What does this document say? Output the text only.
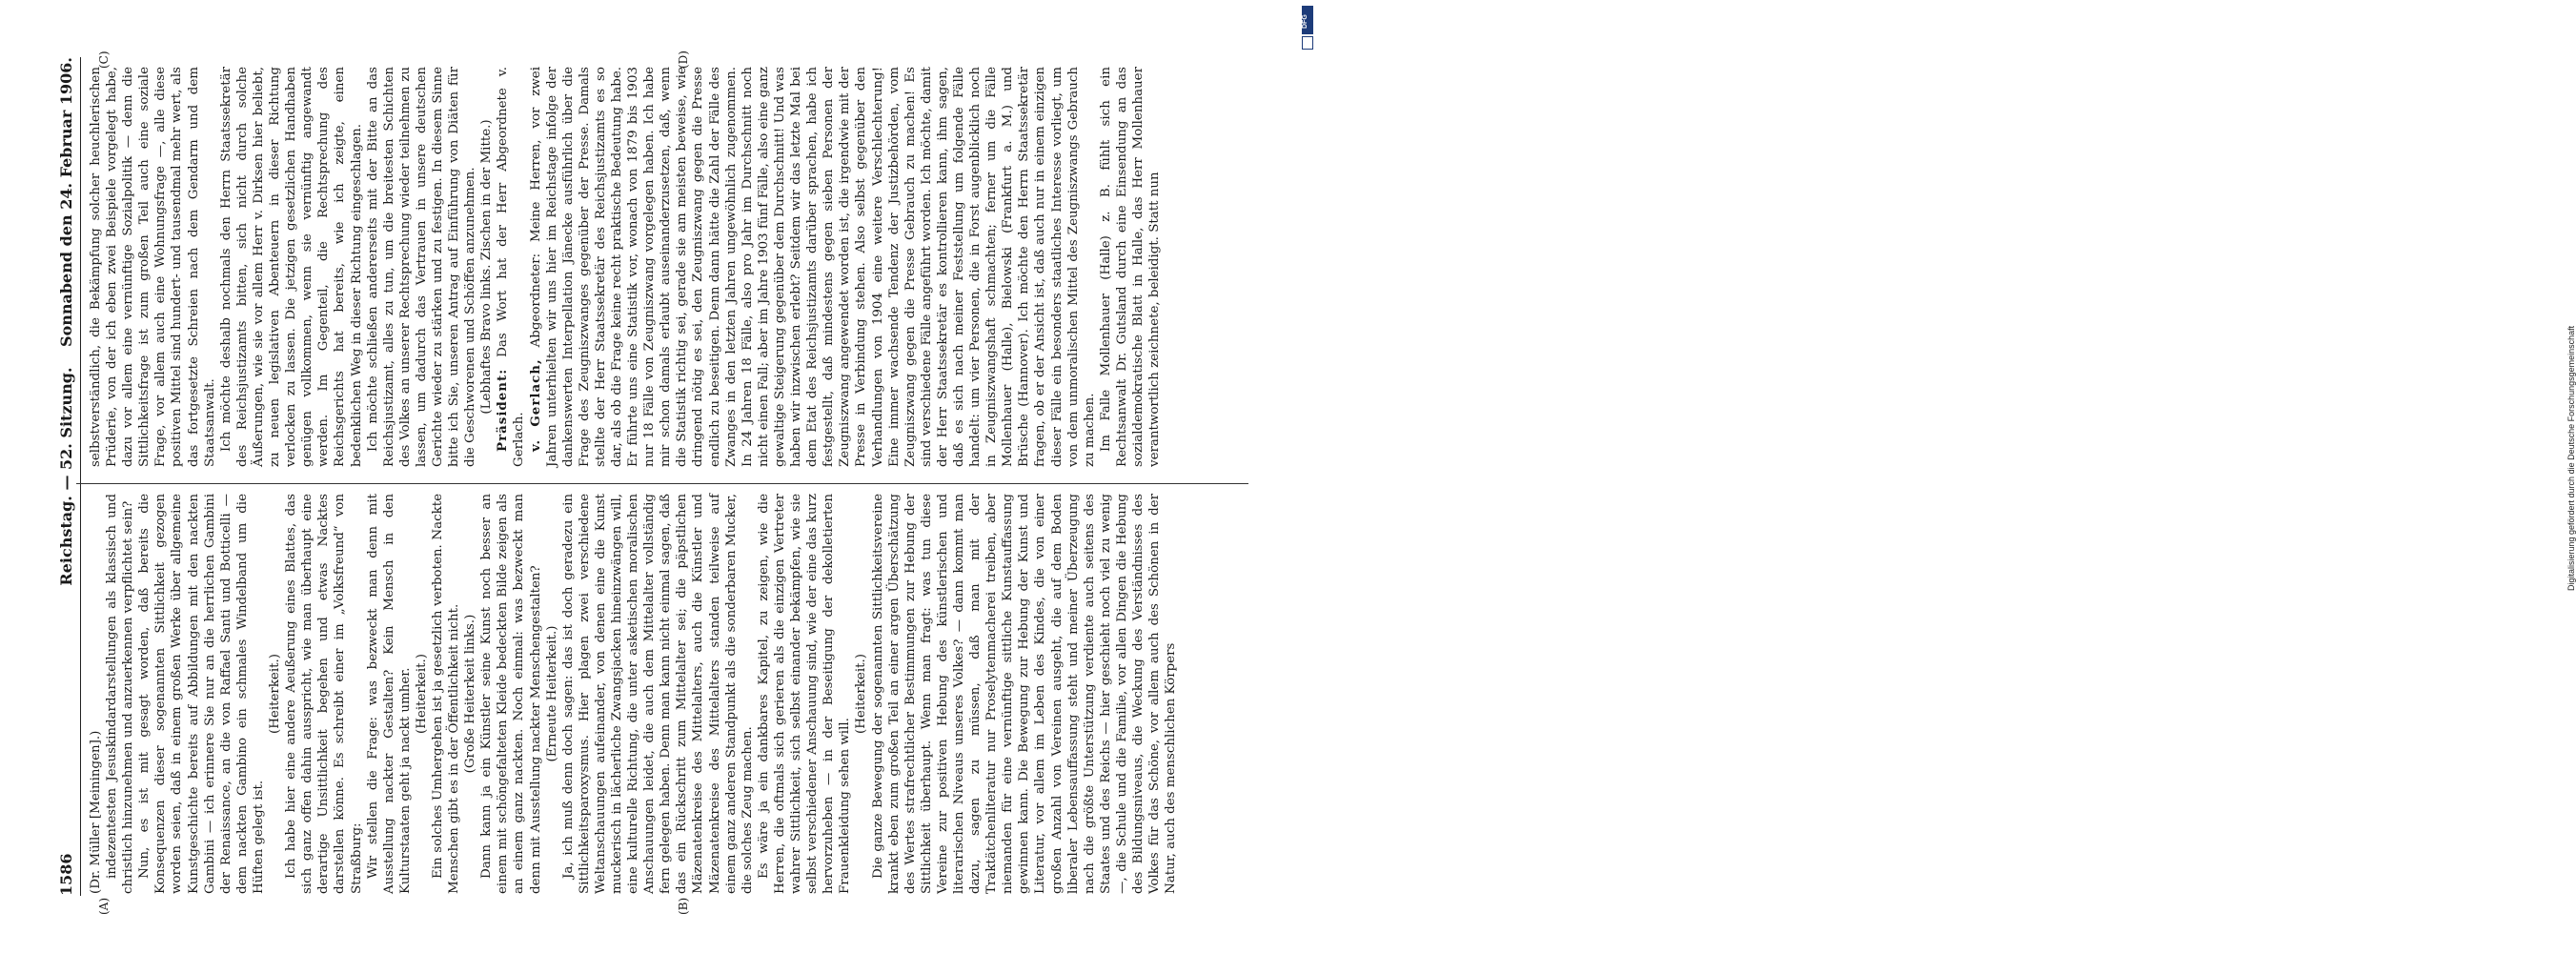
1586
Reichstag. — 52. Sitzung.
Sonnabend den 24. Februar 1906.
(A)	(B)
(C)	(D)

(Dr. Müller [Meiningen].) indezentesten Jesuskindardarstellungen als klassisch und christlich hinzunehmen und anzuerkennen verpflichtet sein? Nun, es ist mit gesagt worden, daß bereits die Konsequenzen dieser sogenannten Sittlichkeit gezogen worden seien, daß in einem großen Werke über allgemeine Kunstgeschichte bereits auf Abbildungen mit den nackten Gambini — ich erinnere Sie nur an die herrlichen Gambini der Renaissance, an die von Raffael Santi und Botticelli — dem nackten Gambino ein schmales Windelband um die Hüften gelegt ist.

(Heiterkeit.) Ich habe hier eine andere Aeußerung eines Blattes, das sich ganz offen dahin ausspricht, wie man überhaupt eine derartige Unsittlichkeit begehen und etwas Nacktes darstellen könne. Es schreibt einer im „Volksfreund“ von Straßburg: Wir stellen die Frage: was bezweckt man denn mit Ausstellung nackter Gestalten? Kein Mensch in den Kulturstaaten geht ja nackt umher. (Heiterkeit.) Ein solches Umhergehen ist ja gesetzlich verboten. Nackte Menschen gibt es in der Öffentlichkeit nicht. (Große Heiterkeit links.) Dann kann ja ein Künstler seine Kunst noch besser an einem mit schöngefalteten Kleide bedeckten Bilde zeigen als an einem ganz nackten. Noch einmal: was bezweckt man denn mit Ausstellung nackter Menschengestalten? (Erneute Heiterkeit.) Ja, ich muß denn doch sagen: das ist doch geradezu ein Sittlichkeitsparoxysmus. Hier plagen zwei verschiedene Weltanschauungen aufeinander, von denen eine die Kunst muckerisch in lächerliche Zwangsjacken hineinzwängen will, eine kulturelle Richtung, die unter asketischen moralischen Anschauungen leidet, die auch dem Mittelalter vollständig fern gelegen haben. Denn man kann nicht einmal sagen, daß das ein Rückschritt zum Mittelalter sei; die päpstlichen Mäzenatenkreise des Mittelalters, auch die Künstler und Mäzenatenkreise des Mittelalters standen teilweise auf einem ganz anderen Standpunkt als die sonderbaren Mucker, die solches Zeug machen. Es wäre ja ein dankbares Kapitel, zu zeigen, wie die Herren, die oftmals sich gerieren als die einzigen Vertreter wahrer Sittlichkeit, sich selbst einander bekämpfen, wie sie selbst verschiedener Anschauung sind, wie der eine das kurz hervorzuheben — in der Beseitigung der dekolletierten Frauenkleidung sehen will.

(Heiterkeit.) Die ganze Bewegung der sogenannten Sittlichkeitsvereine krankt eben zum großen Teil an einer argen Überschätzung des Wertes strafrechtlicher Bestimmungen zur Hebung der Sittlichkeit überhaupt. Wenn man fragt: was tun diese Vereine zur positiven Hebung des künstlerischen und literarischen Niveaus unseres Volkes? — dann kommt man dazu, sagen zu müssen, daß man mit der Traktätchenliteratur nur Proselytenmacherei treiben, aber niemanden für eine vernünftige sittliche Kunstauffassung gewinnen kann. Die Bewegung zur Hebung der Kunst und Literatur, vor allem im Leben des Kindes, die von einer großen Anzahl von Vereinen ausgeht, die auf dem Boden liberaler Lebensauffassung steht und meiner Überzeugung nach die größte Unterstützung verdiente auch seitens des Staates und des Reichs — hier geschieht noch viel zu wenig —, die Schule und die Familie, vor allen Dingen die Hebung des Bildungsniveaus, die Weckung des Verständnisses des Volkes für das Schöne, vor allem auch des Schönen in der Natur, auch des menschlichen Körpers

selbstverständlich, die Bekämpfung solcher heuchlerischen Prüderie, von der ich eben zwei Beispiele vorgelegt habe, dazu vor allem eine vernünftige Sozialpolitik — denn die Sittlichkeitsfrage ist zum großen Teil auch eine soziale Frage, vor allem auch eine Wohnungsfrage —, alle diese positiven Mittel sind hundert- und tausendmal mehr wert, als das fortgesetzte Schreien nach dem Gendarm und dem Staatsanwalt. Ich möchte deshalb nochmals den Herrn Staatssekretär des Reichsjustizamts bitten, sich nicht durch solche Äußerungen, wie sie vor allem Herr v. Dirksen hier beliebt, zu neuen legislativen Abenteuern in dieser Richtung verlocken zu lassen. Die jetzigen gesetzlichen Handhaben genügen vollkommen, wenn sie vernünftig angewandt werden. Im Gegenteil, die Rechtsprechung des Reichsgerichts hat bereits, wie ich zeigte, einen bedenklichen Weg in dieser Richtung eingeschlagen. Ich möchte schließen andererseits mit der Bitte an das Reichsjustizamt, alles zu tun, um die breitesten Schichten des Volkes an unserer Rechtsprechung wieder teilnehmen zu lassen, um dadurch das Vertrauen in unsere deutschen Gerichte wieder zu stärken und zu festigen. In diesem Sinne bitte ich Sie, unseren Antrag auf Einführung von Diäten für die Geschworenen und Schöffen anzunehmen. (Lebhaftes Bravo links. Zischen in der Mitte.) Präsident: Das Wort hat der Herr Abgeordnete v. Gerlach. v. Gerlach, Abgeordneter: Meine Herren, vor zwei Jahren unterhielten wir uns hier im Reichstage infolge der dankenswerten Interpellation Jänecke ausführlich über die Frage des Zeugniszwanges gegenüber der Presse. Damals stellte der Herr Staatssekretär des Reichsjustizamts es so dar, als ob die Frage keine recht praktische Bedeutung habe. Er führte uns eine Statistik vor, wonach von 1879 bis 1903 nur 18 Fälle von Zeugniszwang vorgelegen haben. Ich habe mir schon damals erlaubt auseinanderzusetzen, daß, wenn die Statistik richtig sei, gerade sie am meisten beweise, wie dringend nötig es sei, den Zeugniszwang gegen die Presse endlich zu beseitigen. Denn dann hätte die Zahl der Fälle des Zwanges in den letzten Jahren ungewöhnlich zugenommen. In 24 Jahren 18 Fälle, also pro Jahr im Durchschnitt noch nicht einen Fall; aber im Jahre 1903 fünf Fälle, also eine ganz gewaltige Steigerung gegenüber dem Durchschnitt! Und was haben wir inzwischen erlebt? Seitdem wir das letzte Mal bei dem Etat des Reichsjustizamts darüber sprachen, habe ich festgestellt, daß mindestens gegen sieben Personen der Zeugniszwang angewendet worden ist, die irgendwie mit der Presse in Verbindung stehen. Also selbst gegenüber den Verhandlungen von 1904 eine weitere Verschlechterung! Eine immer wachsende Tendenz der Justizbehörden, vom Zeugniszwang gegen die Presse Gebrauch zu machen! Es sind verschiedene Fälle angeführt worden. Ich möchte, damit der Herr Staatssekretär es kontrollieren kann, ihm sagen, daß es sich nach meiner Feststellung um folgende Fälle handelt: um vier Personen, die in Forst augenblicklich noch in Zeugniszwangshaft schmachten; ferner um die Fälle Mollenhauer (Halle), Bielowski (Frankfurt a. M.) und Brüsche (Hannover). Ich möchte den Herrn Staatssekretär fragen, ob er der Ansicht ist, daß auch nur in einem einzigen dieser Fälle ein besonders staatliches Interesse vorliegt, um von dem unmoralischen Mittel des Zeugniszwangs Gebrauch zu machen. Im Falle Mollenhauer (Halle) z. B. fühlt sich ein Rechtsanwalt Dr. Gutsland durch eine Einsendung an das sozialdemokratische Blatt in Halle, das Herr Mollenhauer verantwortlich zeichnete, beleidigt. Statt nun

DFG
Digitalisierung gefördert durch die Deutsche Forschungsgemeinschaft
